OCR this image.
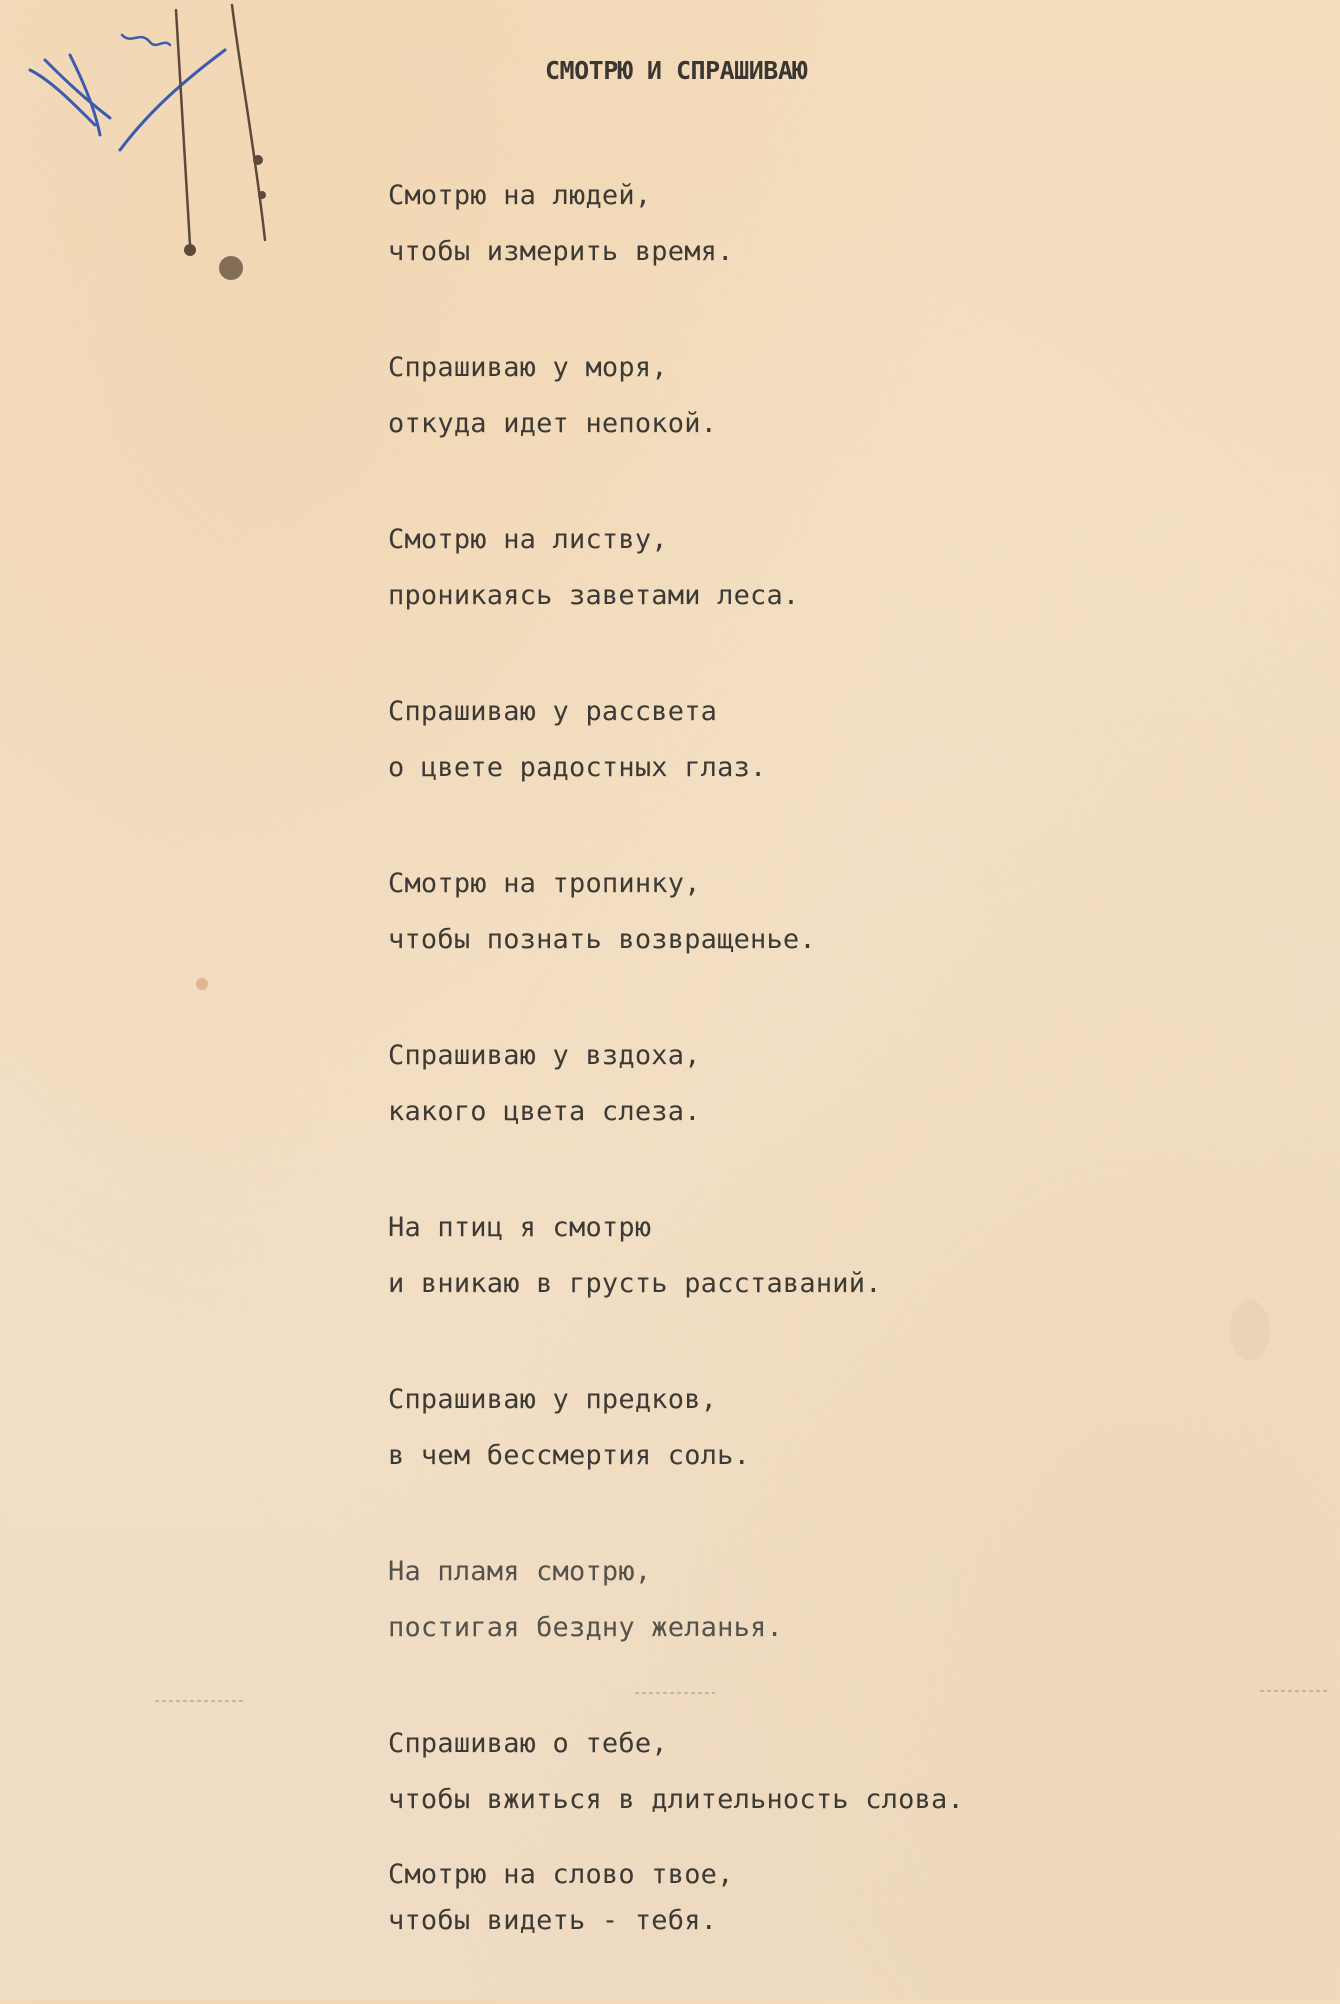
СМОТРЮ И СПРАШИВАЮ
Смотрю на людей,
чтобы измерить время.
Спрашиваю у моря,
откуда идет непокой.
Смотрю на листву,
проникаясь заветами леса.
Спрашиваю у рассвета
о цвете радостных глаз.
Смотрю на тропинку,
чтобы познать возвращенье.
Спрашиваю у вздоха,
какого цвета слеза.
На птиц я смотрю
и вникаю в грусть расставаний.
Спрашиваю у предков,
в чем бессмертия соль.
На пламя смотрю,
постигая бездну желанья.
Спрашиваю о тебе,
чтобы вжиться в длительность слова.
Смотрю на слово твое,
чтобы видеть - тебя.
